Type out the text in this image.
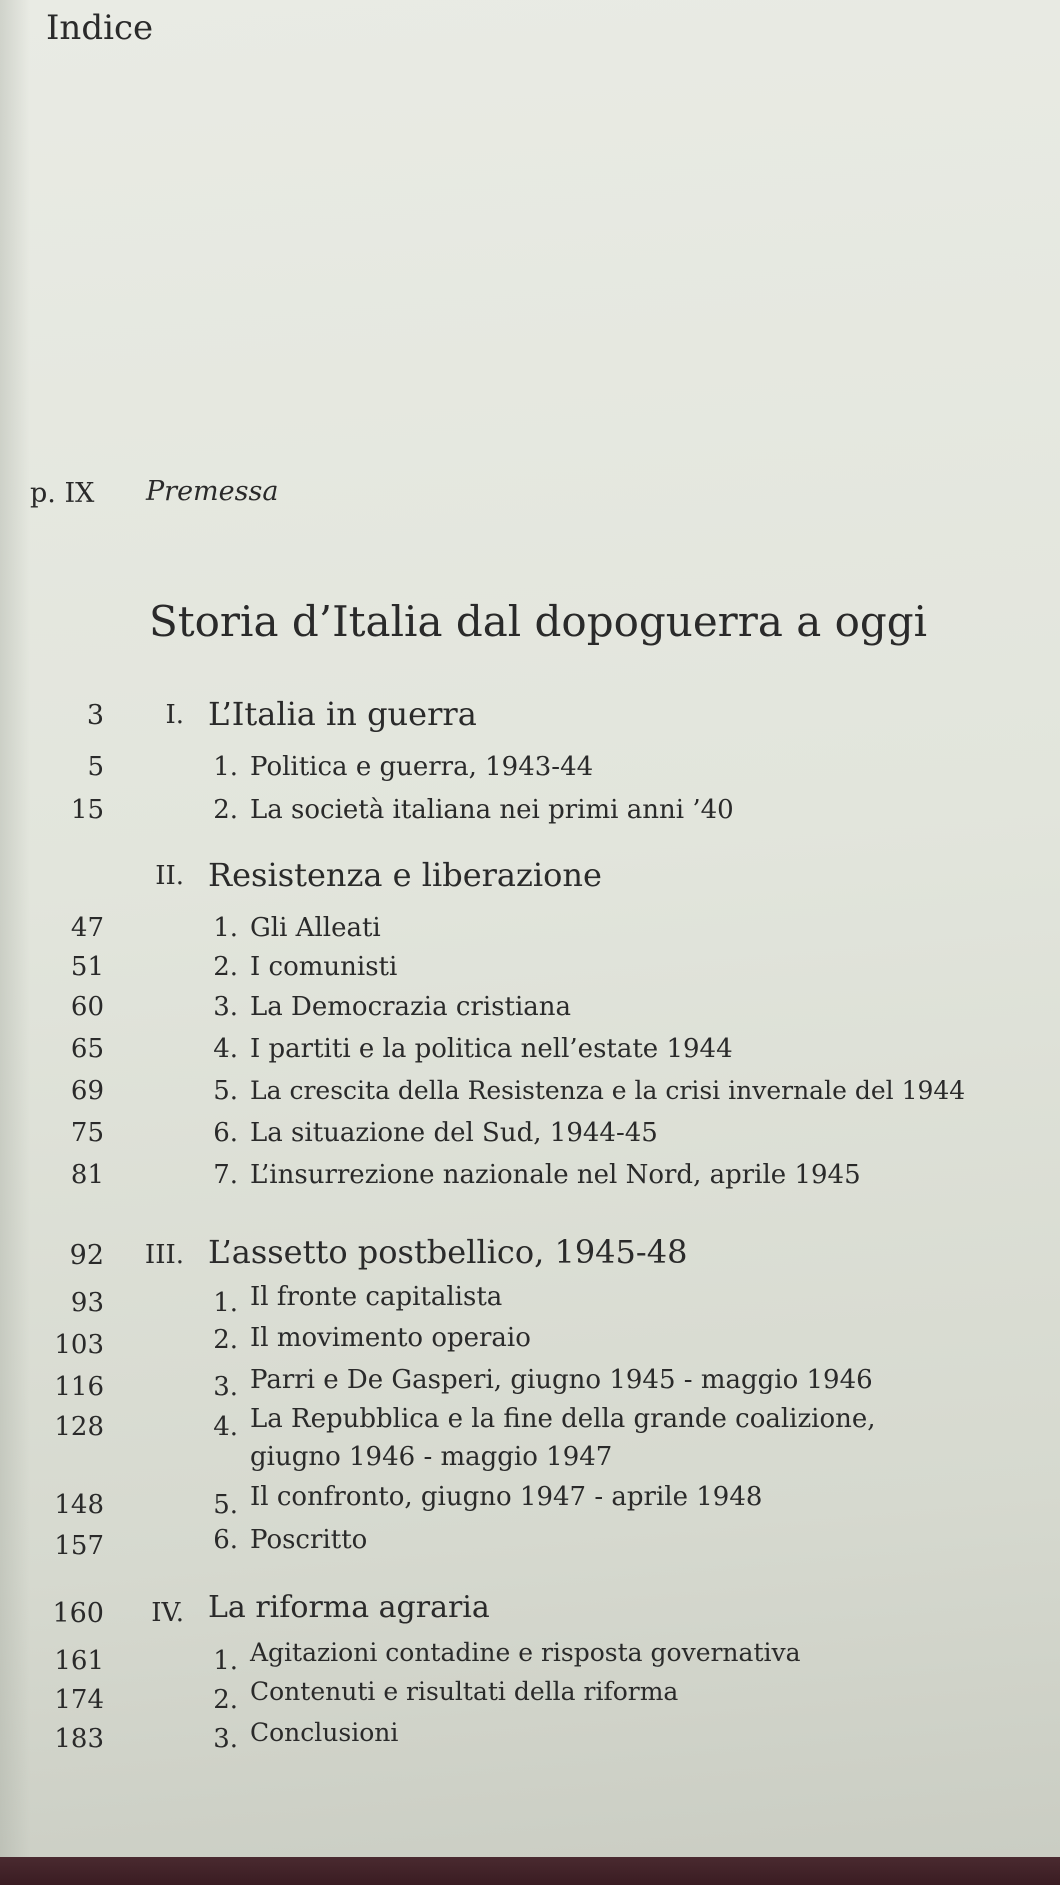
Indice
p. IX Premessa
Storia d’Italia dal dopoguerra a oggi
3	I. L’Italia in guerra
5	1. Politica e guerra, 1943-44
15	2. La società italiana nei primi anni ’40
II. Resistenza e liberazione
47	1. Gli Alleati
51	2. I comunisti
60	3. La Democrazia cristiana
65	4. I partiti e la politica nell’estate 1944
69	5. La crescita della Resistenza e la crisi invernale del 1944
75	6. La situazione del Sud, 1944-45
81	7. L’insurrezione nazionale nel Nord, aprile 1945
92	III. L’assetto postbellico, 1945-48
93	1. Il fronte capitalista
103	2. Il movimento operaio
116	3. Parri e De Gasperi, giugno 1945 - maggio 1946
128	4. La Repubblica e la fine della grande coalizione,
giugno 1946 - maggio 1947
148	5. Il confronto, giugno 1947 - aprile 1948
157	6. Poscritto
160	IV. La riforma agraria
161	1. Agitazioni contadine e risposta governativa
174	2. Contenuti e risultati della riforma
183	3. Conclusioni
